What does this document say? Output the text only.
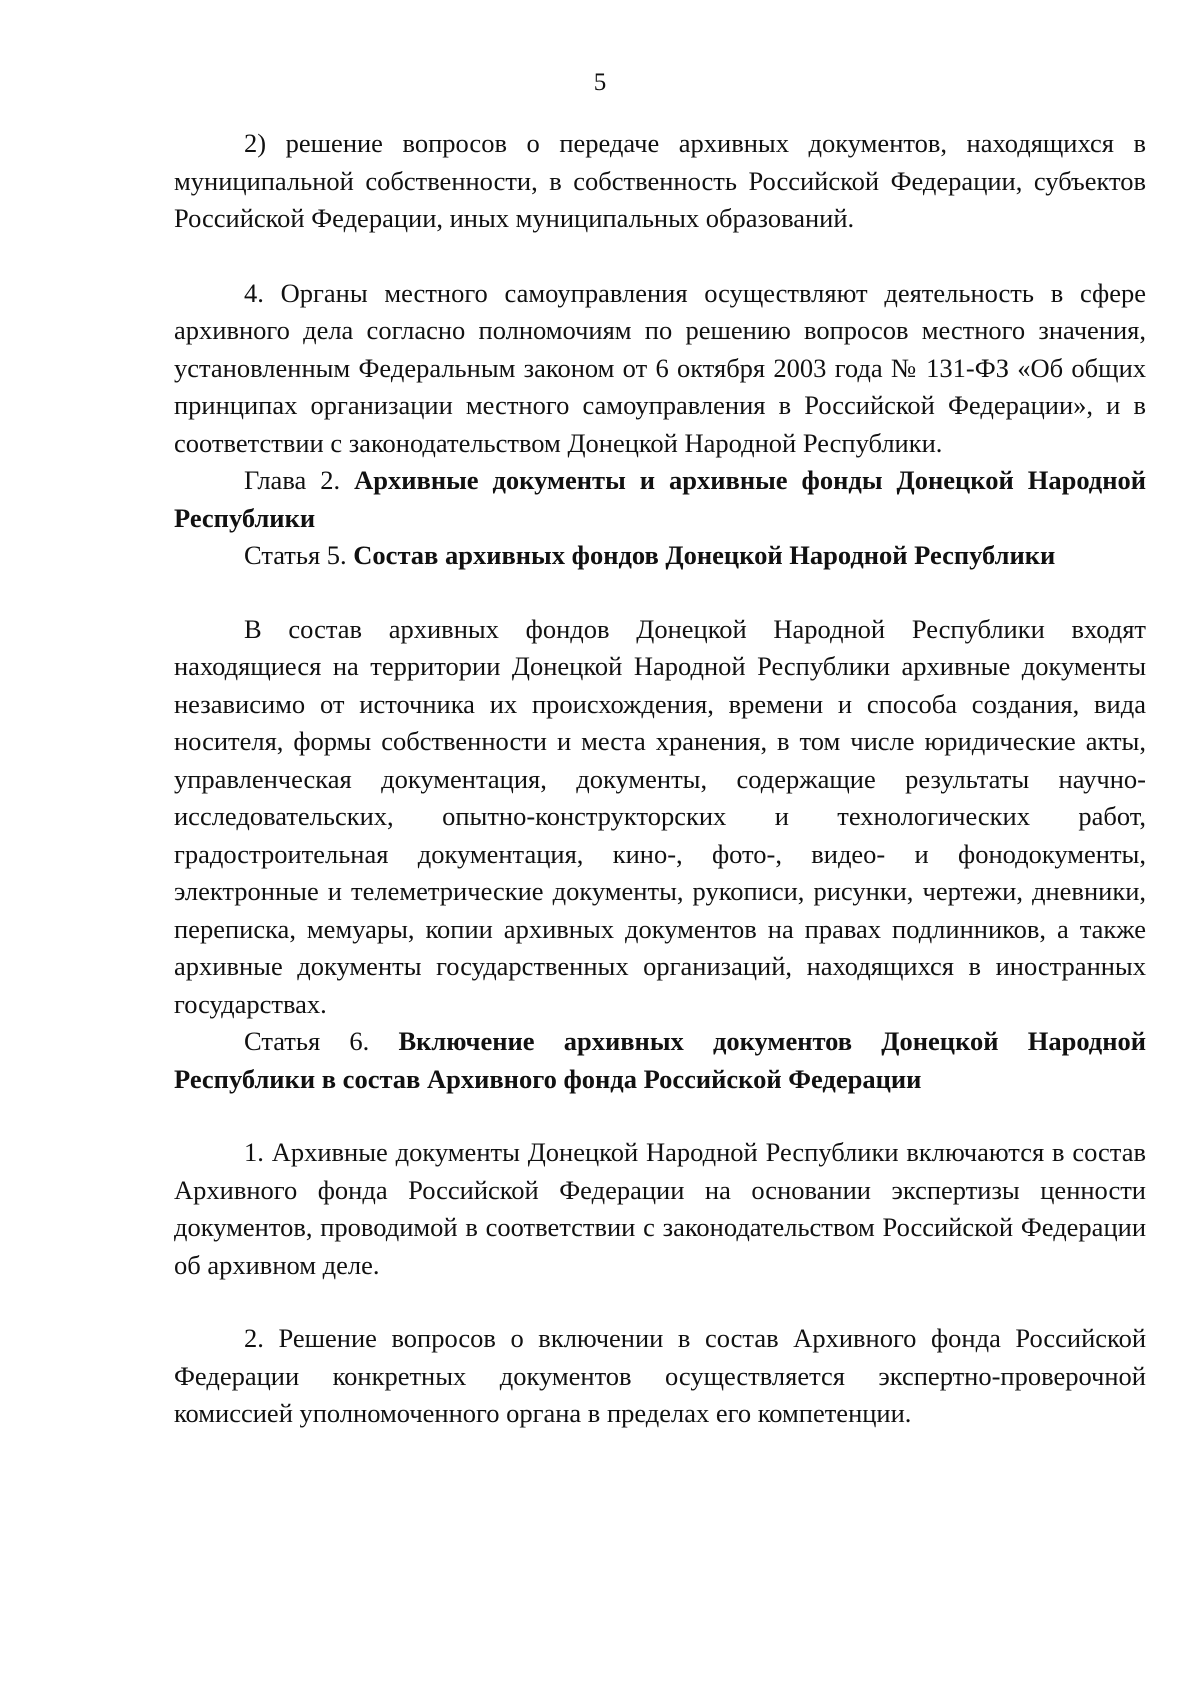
5

2) решение вопросов о передаче архивных документов, находящихся в муниципальной собственности, в собственность Российской Федерации, субъектов Российской Федерации, иных муниципальных образований.

4. Органы местного самоуправления осуществляют деятельность в сфере архивного дела согласно полномочиям по решению вопросов местного значения, установленным Федеральным законом от 6 октября 2003 года № 131-ФЗ «Об общих принципах организации местного самоуправления в Российской Федерации», и в соответствии с законодательством Донецкой Народной Республики.

Глава 2. Архивные документы и архивные фонды Донецкой Народной Республики

Статья 5. Состав архивных фондов Донецкой Народной Республики

В состав архивных фондов Донецкой Народной Республики входят находящиеся на территории Донецкой Народной Республики архивные документы независимо от источника их происхождения, времени и способа создания, вида носителя, формы собственности и места хранения, в том числе юридические акты, управленческая документация, документы, содержащие результаты научно-исследовательских, опытно-конструкторских и технологических работ, градостроительная документация, кино-, фото-, видео- и фонодокументы, электронные и телеметрические документы, рукописи, рисунки, чертежи, дневники, переписка, мемуары, копии архивных документов на правах подлинников, а также архивные документы государственных организаций, находящихся в иностранных государствах.

Статья 6. Включение архивных документов Донецкой Народной Республики в состав Архивного фонда Российской Федерации

1. Архивные документы Донецкой Народной Республики включаются в состав Архивного фонда Российской Федерации на основании экспертизы ценности документов, проводимой в соответствии с законодательством Российской Федерации об архивном деле.

2. Решение вопросов о включении в состав Архивного фонда Российской Федерации конкретных документов осуществляется экспертно-проверочной комиссией уполномоченного органа в пределах его компетенции.
